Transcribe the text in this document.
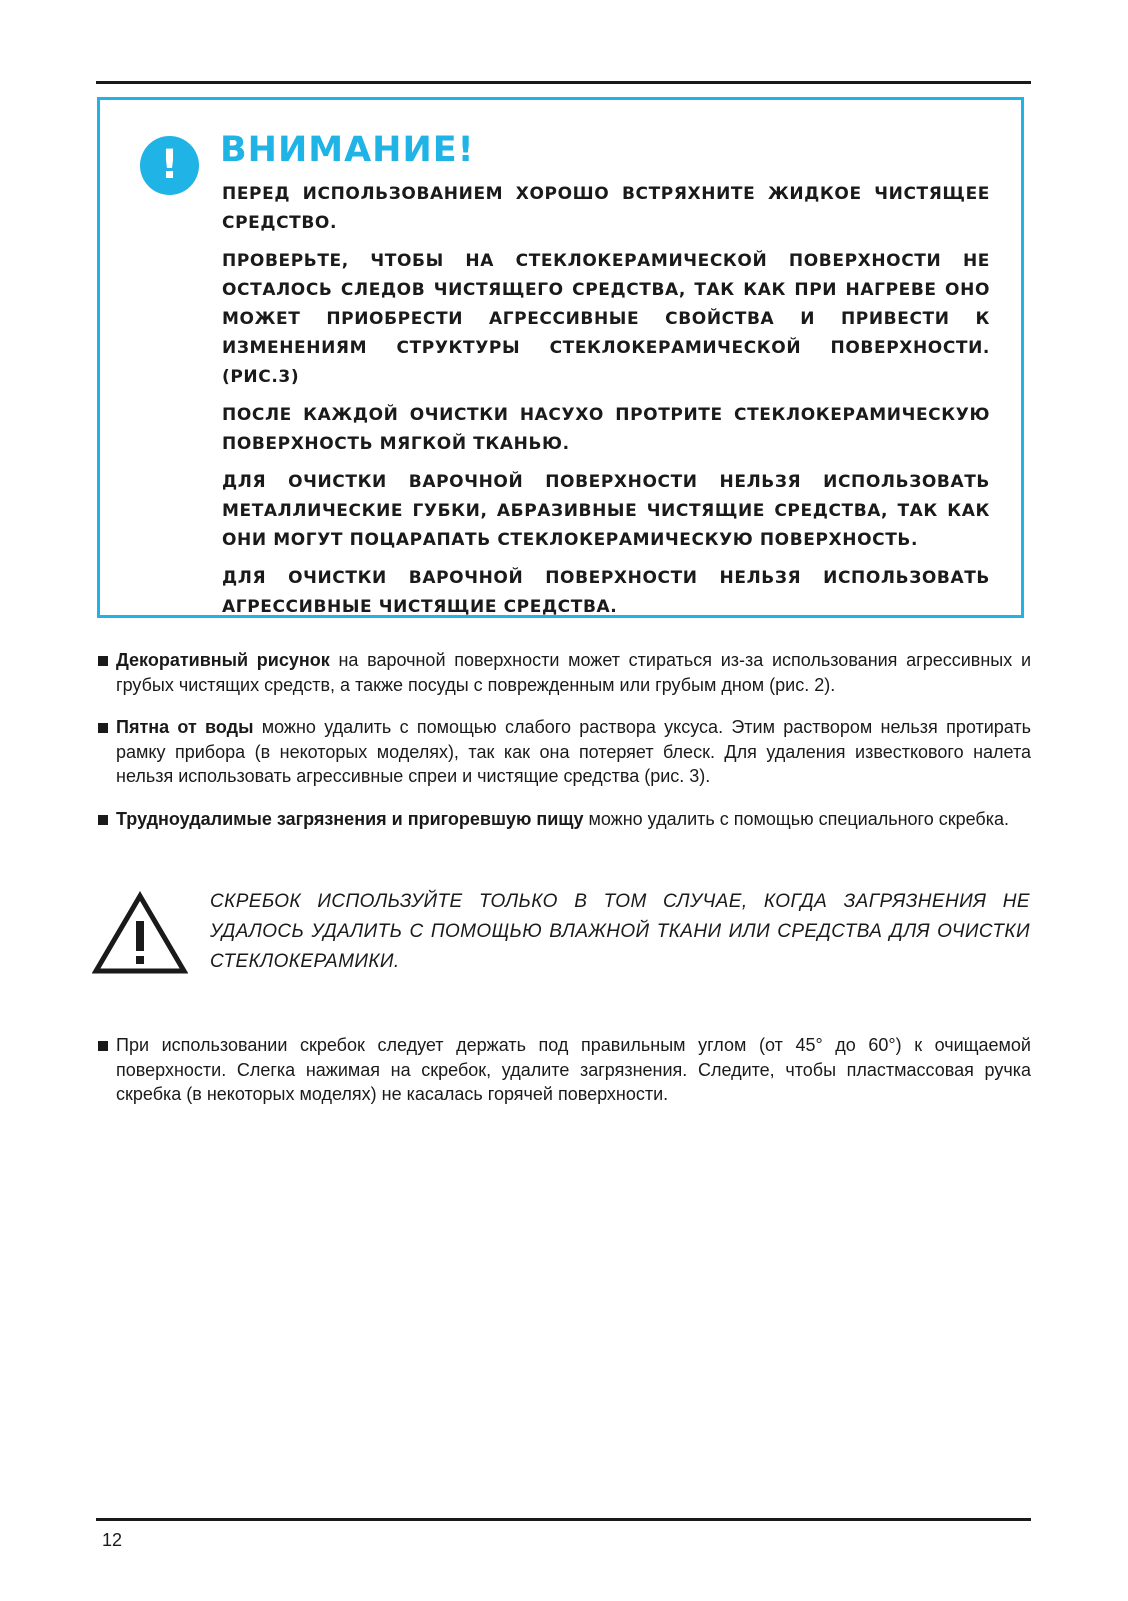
!	ВНИМАНИЕ!

ПЕРЕД ИСПОЛЬЗОВАНИЕМ ХОРОШО ВСТРЯХНИТЕ ЖИДКОЕ ЧИСТЯЩЕЕ СРЕДСТВО.

ПРОВЕРЬТЕ, ЧТОБЫ НА СТЕКЛОКЕРАМИЧЕСКОЙ ПОВЕРХНОСТИ НЕ ОСТАЛОСЬ СЛЕДОВ ЧИСТЯЩЕГО СРЕДСТВА, ТАК КАК ПРИ НАГРЕВЕ ОНО МОЖЕТ ПРИОБРЕСТИ АГРЕССИВНЫЕ СВОЙСТВА И ПРИВЕСТИ К ИЗМЕНЕНИЯМ СТРУКТУРЫ СТЕКЛОКЕРАМИЧЕСКОЙ ПОВЕРХНОСТИ. (РИС.3)

ПОСЛЕ КАЖДОЙ ОЧИСТКИ НАСУХО ПРОТРИТЕ СТЕКЛОКЕРАМИЧЕСКУЮ ПОВЕРХНОСТЬ МЯГКОЙ ТКАНЬЮ.

ДЛЯ ОЧИСТКИ ВАРОЧНОЙ ПОВЕРХНОСТИ НЕЛЬЗЯ ИСПОЛЬЗОВАТЬ МЕТАЛЛИЧЕСКИЕ ГУБКИ, АБРАЗИВНЫЕ ЧИСТЯЩИЕ СРЕДСТВА, ТАК КАК ОНИ МОГУТ ПОЦАРАПАТЬ СТЕКЛОКЕРАМИЧЕСКУЮ ПОВЕРХНОСТЬ.

ДЛЯ ОЧИСТКИ ВАРОЧНОЙ ПОВЕРХНОСТИ НЕЛЬЗЯ ИСПОЛЬЗОВАТЬ АГРЕССИВНЫЕ ЧИСТЯЩИЕ СРЕДСТВА.

Декоративный рисунок на варочной поверхности может стираться из-за использования агрессивных и грубых чистящих средств, а также посуды с поврежденным или грубым дном (рис. 2).

Пятна от воды можно удалить с помощью слабого раствора уксуса. Этим раствором нельзя протирать рамку прибора (в некоторых моделях), так как она потеряет блеск. Для удаления известкового налета нельзя использовать агрессивные спреи и чистящие средства (рис. 3).

Трудноудалимые загрязнения и пригоревшую пищу можно удалить с помощью специального скребка.

СКРЕБОК ИСПОЛЬЗУЙТЕ ТОЛЬКО В ТОМ СЛУЧАЕ, КОГДА ЗАГРЯЗНЕНИЯ НЕ УДАЛОСЬ УДАЛИТЬ С ПОМОЩЬЮ ВЛАЖНОЙ ТКАНИ ИЛИ СРЕДСТВА ДЛЯ ОЧИСТКИ СТЕКЛОКЕРАМИКИ.

При использовании скребок следует держать под правильным углом (от 45° до 60°) к очищаемой поверхности. Слегка нажимая на скребок, удалите загрязнения. Следите, чтобы пластмассовая ручка скребка (в некоторых моделях) не касалась горячей поверхности.

12
